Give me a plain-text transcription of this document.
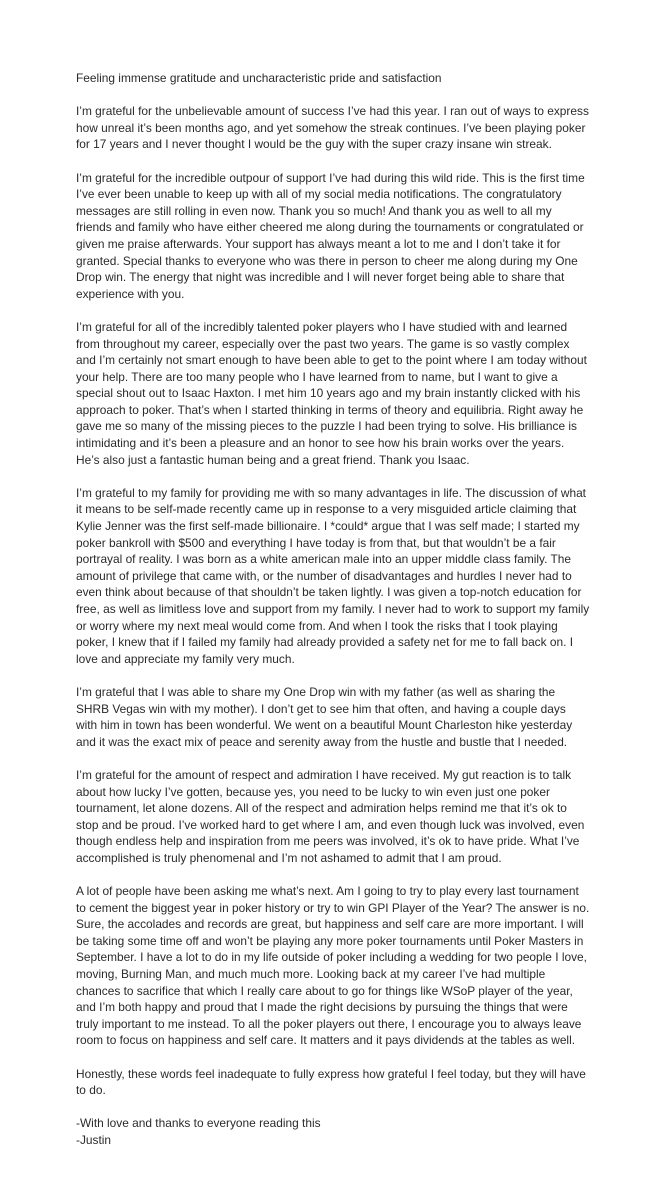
Feeling immense gratitude and uncharacteristic pride and satisfaction

I’m grateful for the unbelievable amount of success I’ve had this year. I ran out of ways to express how unreal it’s been months ago, and yet somehow the streak continues. I’ve been playing poker for 17 years and I never thought I would be the guy with the super crazy insane win streak.

I’m grateful for the incredible outpour of support I’ve had during this wild ride. This is the first time I’ve ever been unable to keep up with all of my social media notifications. The congratulatory messages are still rolling in even now. Thank you so much! And thank you as well to all my friends and family who have either cheered me along during the tournaments or congratulated or given me praise afterwards. Your support has always meant a lot to me and I don’t take it for granted. Special thanks to everyone who was there in person to cheer me along during my One Drop win. The energy that night was incredible and I will never forget being able to share that experience with you.

I’m grateful for all of the incredibly talented poker players who I have studied with and learned from throughout my career, especially over the past two years. The game is so vastly complex and I’m certainly not smart enough to have been able to get to the point where I am today without your help. There are too many people who I have learned from to name, but I want to give a special shout out to Isaac Haxton. I met him 10 years ago and my brain instantly clicked with his approach to poker. That’s when I started thinking in terms of theory and equilibria. Right away he gave me so many of the missing pieces to the puzzle I had been trying to solve. His brilliance is intimidating and it’s been a pleasure and an honor to see how his brain works over the years. He’s also just a fantastic human being and a great friend. Thank you Isaac.

I’m grateful to my family for providing me with so many advantages in life. The discussion of what it means to be self-made recently came up in response to a very misguided article claiming that Kylie Jenner was the first self-made billionaire. I *could* argue that I was self made; I started my poker bankroll with $500 and everything I have today is from that, but that wouldn’t be a fair portrayal of reality. I was born as a white american male into an upper middle class family. The amount of privilege that came with, or the number of disadvantages and hurdles I never had to even think about because of that shouldn’t be taken lightly. I was given a top-notch education for free, as well as limitless love and support from my family. I never had to work to support my family or worry where my next meal would come from. And when I took the risks that I took playing poker, I knew that if I failed my family had already provided a safety net for me to fall back on. I love and appreciate my family very much.

I’m grateful that I was able to share my One Drop win with my father (as well as sharing the SHRB Vegas win with my mother). I don’t get to see him that often, and having a couple days with him in town has been wonderful. We went on a beautiful Mount Charleston hike yesterday and it was the exact mix of peace and serenity away from the hustle and bustle that I needed.

I’m grateful for the amount of respect and admiration I have received. My gut reaction is to talk about how lucky I’ve gotten, because yes, you need to be lucky to win even just one poker tournament, let alone dozens. All of the respect and admiration helps remind me that it’s ok to stop and be proud. I’ve worked hard to get where I am, and even though luck was involved, even though endless help and inspiration from me peers was involved, it’s ok to have pride. What I’ve accomplished is truly phenomenal and I’m not ashamed to admit that I am proud.

A lot of people have been asking me what’s next. Am I going to try to play every last tournament to cement the biggest year in poker history or try to win GPI Player of the Year? The answer is no. Sure, the accolades and records are great, but happiness and self care are more important. I will be taking some time off and won’t be playing any more poker tournaments until Poker Masters in September. I have a lot to do in my life outside of poker including a wedding for two people I love, moving, Burning Man, and much much more. Looking back at my career I’ve had multiple chances to sacrifice that which I really care about to go for things like WSoP player of the year, and I’m both happy and proud that I made the right decisions by pursuing the things that were truly important to me instead. To all the poker players out there, I encourage you to always leave room to focus on happiness and self care. It matters and it pays dividends at the tables as well.

Honestly, these words feel inadequate to fully express how grateful I feel today, but they will have to do.

-With love and thanks to everyone reading this
-Justin
